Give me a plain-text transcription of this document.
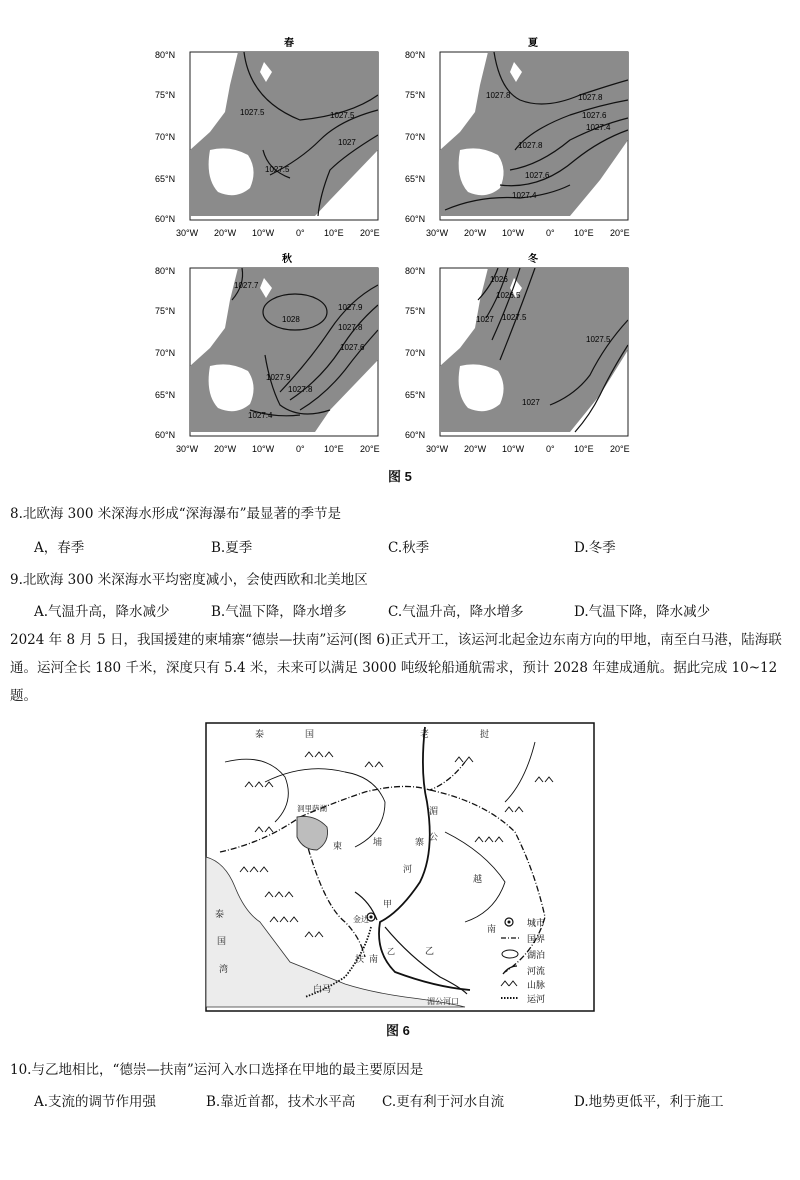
1027.5
1027.5
1027.5
1027
春
80°N
75°N
70°N
65°N
60°N
30°W 20°W 10°W 0° 10°E 20°E
1027.8
1027.8
1027.6
1027.4
1027.8
1027.6
1027.4
夏
80°N
75°N
70°N
65°N
60°N
30°W 20°W 10°W 0° 10°E 20°E
1027.7
1028
1027.9
1027.8
1027.6
1027.9
1027.8
1027.4
秋
80°N
75°N
70°N
65°N
60°N
30°W 20°W 10°W 0° 10°E 20°E
1026
1026.5
1027 1027.5
1027.5
1027
冬
80°N
75°N
70°N
65°N
60°N
30°W 20°W 10°W 0° 10°E 20°E
图 5
8.北欧海 300 米深海水形成“深海瀑布”最显著的季节是
A，春季	B.夏季	C.秋季	D.冬季
9.北欧海 300 米深海水平均密度减小，会使西欧和北美地区
A.气温升高，降水减少	B.气温下降，降水增多	C.气温升高，降水增多	D.气温下降，降水减少
2024 年 8 月 5 日，我国援建的柬埔寨“德崇—扶南”运河(图 6)正式开工，该运河北起金边东南方向的甲地，南至白马港，陆海联通。运河全长 180 千米，深度只有 5.4 米，未来可以满足 3000 吨级轮船通航需求，预计 2028 年建成通航。据此完成 10~12 题。
城市
国界
湖泊
河流
山脉
运河
泰	国	老	挝
洞里萨湖
柬	埔	寨
湄
公
河
金边
甲
扶 南
白马
乙
越
南
泰
国
湾
湄公河口
乙
图 6
10.与乙地相比，“德崇—扶南”运河入水口选择在甲地的最主要原因是
A.支流的调节作用强	B.靠近首都，技术水平高 C.更有利于河水自流	D.地势更低平，利于施工
